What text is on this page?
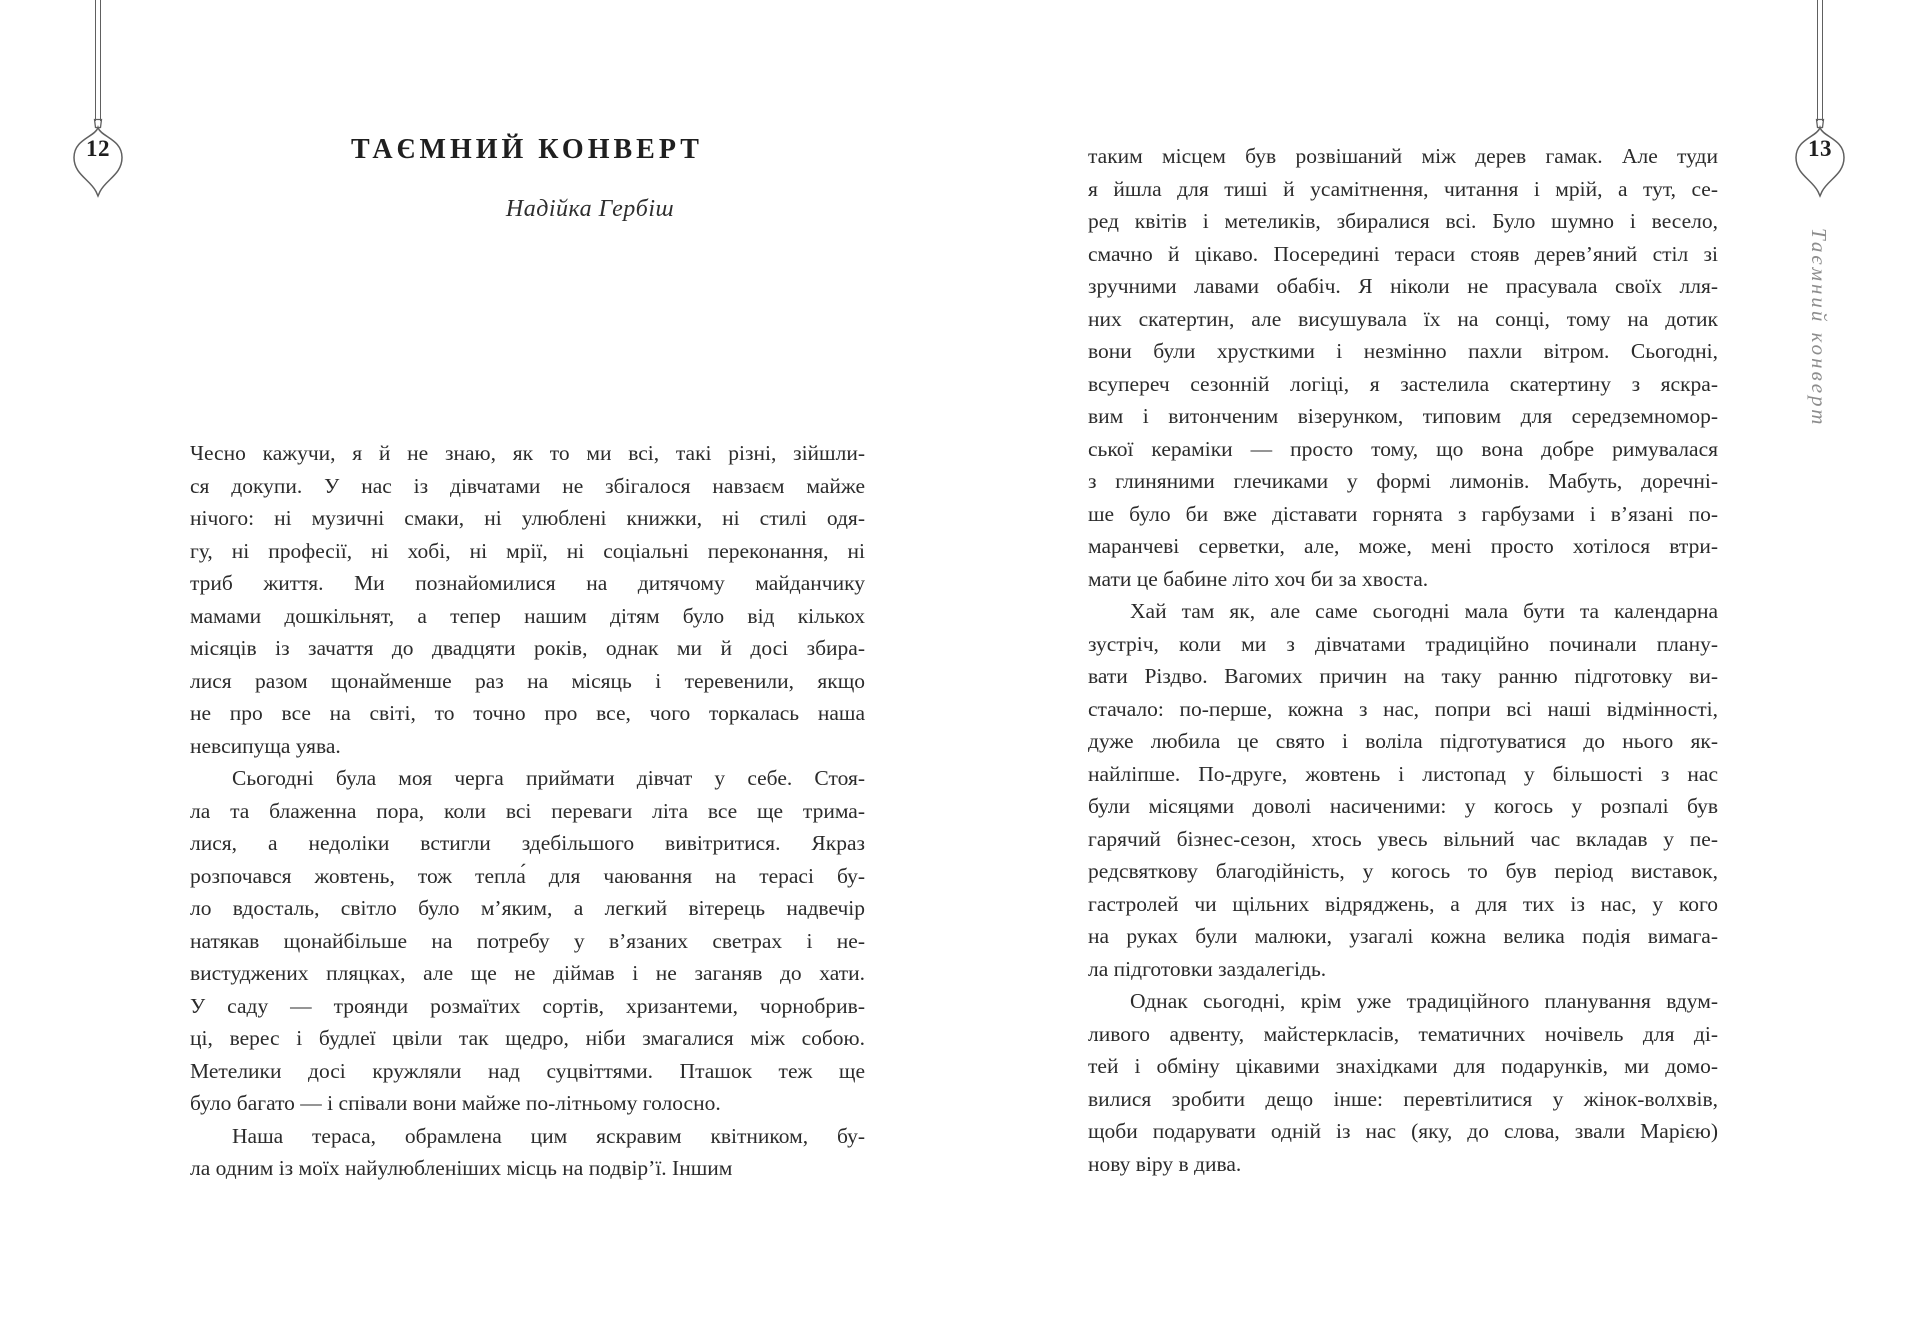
12	ТАЄМНИЙ КОНВЕРТ
Надійка Гербіш
Чесно кажучи, я й не знаю, як то ми всі, такі різні, зійшли-
ся докупи. У нас із дівчатами не збігалося навзаєм майже
нічого: ні музичні смаки, ні улюблені книжки, ні стилі одя-
гу, ні професії, ні хобі, ні мрії, ні соціальні переконання, ні
триб життя. Ми познайомилися на дитячому майданчику
мамами дошкільнят, а тепер нашим дітям було від кількох
місяців із зачаття до двадцяти років, однак ми й досі збира-
лися разом щонайменше раз на місяць і теревенили, якщо
не про все на світі, то точно про все, чого торкалась наша
невсипуща уява.
Сьогодні була моя черга приймати дівчат у себе. Стоя-
ла та блаженна пора, коли всі переваги літа все ще трима-
лися, а недоліки встигли здебільшого вивітритися. Якраз
розпочався жовтень, тож тепла́ для чаювання на терасі бу-
ло вдосталь, світло було м’яким, а легкий вітерець надвечір
натякав щонайбільше на потребу у в’язаних светрах і не-
вистуджених пляцках, але ще не діймав і не заганяв до хати.
У саду — троянди розмаїтих сортів, хризантеми, чорнобрив-
ці, верес і будлеї цвіли так щедро, ніби змагалися між собою.
Метелики досі кружляли над суцвіттями. Пташок теж ще
було багато — і співали вони майже по-літньому голосно.
Наша тераса, обрамлена цим яскравим квітником, бу-
ла одним із моїх найулюбленіших місць на подвір’ї. Іншим
таким місцем був розвішаний між дерев гамак. Але туди
я йшла для тиші й усамітнення, читання і мрій, а тут, се-
ред квітів і метеликів, збиралися всі. Було шумно і весело,
смачно й цікаво. Посередині тераси стояв дерев’яний стіл зі
зручними лавами обабіч. Я ніколи не прасувала своїх лля-
них скатертин, але висушувала їх на сонці, тому на дотик
вони були хрусткими і незмінно пахли вітром. Сьогодні,
всупереч сезонній логіці, я застелила скатертину з яскра-
вим і витонченим візерунком, типовим для середземномор-
ської кераміки — просто тому, що вона добре римувалася
з глиняними глечиками у формі лимонів. Мабуть, доречні-
ше було би вже діставати горнята з гарбузами і в’язані по-
маранчеві серветки, але, може, мені просто хотілося втри-
мати це бабине літо хоч би за хвоста.
Хай там як, але саме сьогодні мала бути та календарна
зустріч, коли ми з дівчатами традиційно починали плану-
вати Різдво. Вагомих причин на таку ранню підготовку ви-
стачало: по-перше, кожна з нас, попри всі наші відмінності,
дуже любила це свято і воліла підготуватися до нього як-
найліпше. По-друге, жовтень і листопад у більшості з нас
були місяцями доволі насиченими: у когось у розпалі був
гарячий бізнес-сезон, хтось увесь вільний час вкладав у пе-
редсвяткову благодійність, у когось то був період виставок,
гастролей чи щільних відряджень, а для тих із нас, у кого
на руках були малюки, узагалі кожна велика подія вимага-
ла підготовки заздалегідь.
Однак сьогодні, крім уже традиційного планування вдум-
ливого адвенту, майстеркласів, тематичних ночівель для ді-
тей і обміну цікавими знахідками для подарунків, ми домо-
вилися зробити дещо інше: перевтілитися у жінок-волхвів,
щоби подарувати одній із нас (яку, до слова, звали Марією)
нову віру в дива.
13
Таємний конверт
